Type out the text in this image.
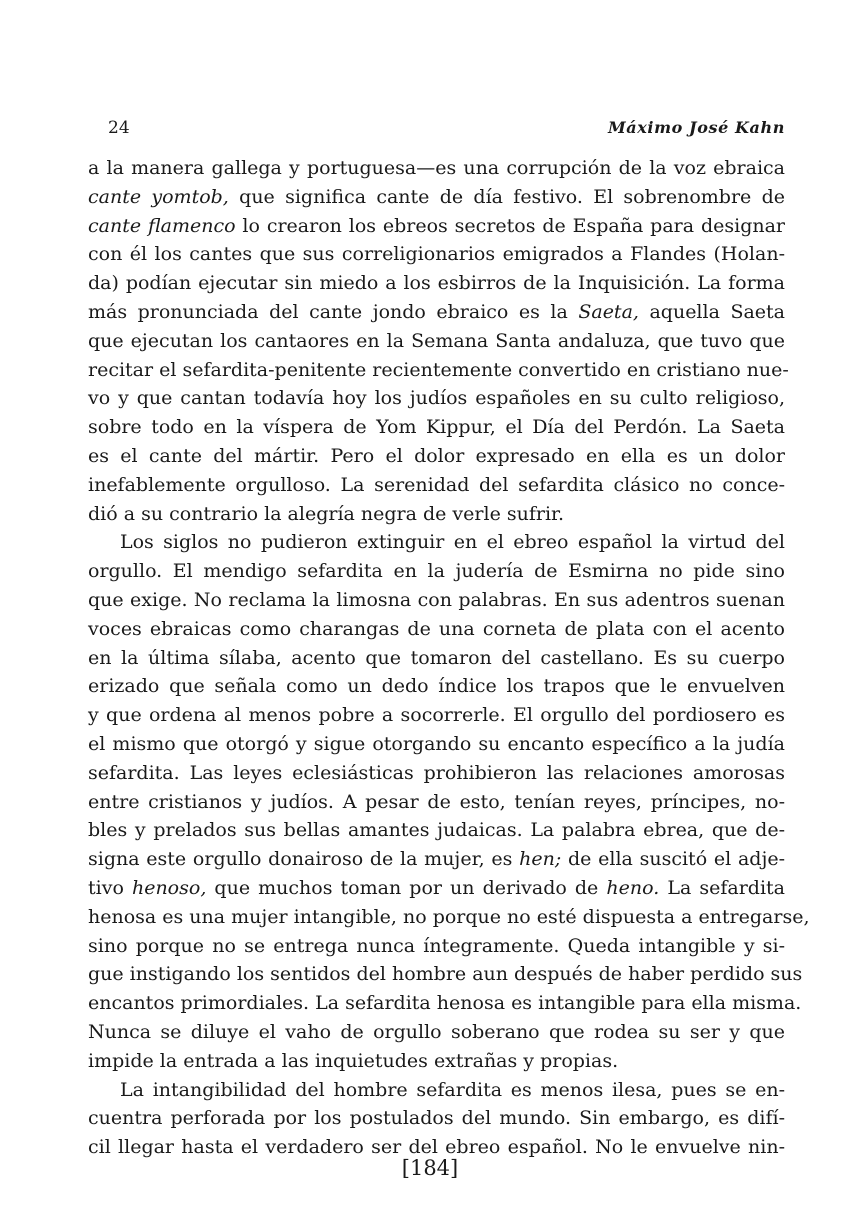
24	Máximo José Kahn
a la manera gallega y portuguesa—es una corrupción de la voz ebraica
cante yomtob, que significa cante de día festivo. El sobrenombre de
cante flamenco lo crearon los ebreos secretos de España para designar
con él los cantes que sus correligionarios emigrados a Flandes (Holan-
da) podían ejecutar sin miedo a los esbirros de la Inquisición. La forma
más pronunciada del cante jondo ebraico es la Saeta, aquella Saeta
que ejecutan los cantaores en la Semana Santa andaluza, que tuvo que
recitar el sefardita-penitente recientemente convertido en cristiano nue-
vo y que cantan todavía hoy los judíos españoles en su culto religioso,
sobre todo en la víspera de Yom Kippur, el Día del Perdón. La Saeta
es el cante del mártir. Pero el dolor expresado en ella es un dolor
inefablemente orgulloso. La serenidad del sefardita clásico no conce-
dió a su contrario la alegría negra de verle sufrir.
Los siglos no pudieron extinguir en el ebreo español la virtud del
orgullo. El mendigo sefardita en la judería de Esmirna no pide sino
que exige. No reclama la limosna con palabras. En sus adentros suenan
voces ebraicas como charangas de una corneta de plata con el acento
en la última sílaba, acento que tomaron del castellano. Es su cuerpo
erizado que señala como un dedo índice los trapos que le envuelven
y que ordena al menos pobre a socorrerle. El orgullo del pordiosero es
el mismo que otorgó y sigue otorgando su encanto específico a la judía
sefardita. Las leyes eclesiásticas prohibieron las relaciones amorosas
entre cristianos y judíos. A pesar de esto, tenían reyes, príncipes, no-
bles y prelados sus bellas amantes judaicas. La palabra ebrea, que de-
signa este orgullo donairoso de la mujer, es hen; de ella suscitó el adje-
tivo henoso, que muchos toman por un derivado de heno. La sefardita
henosa es una mujer intangible, no porque no esté dispuesta a entregarse,
sino porque no se entrega nunca íntegramente. Queda intangible y si-
gue instigando los sentidos del hombre aun después de haber perdido sus
encantos primordiales. La sefardita henosa es intangible para ella misma.
Nunca se diluye el vaho de orgullo soberano que rodea su ser y que
impide la entrada a las inquietudes extrañas y propias.
La intangibilidad del hombre sefardita es menos ilesa, pues se en-
cuentra perforada por los postulados del mundo. Sin embargo, es difí-
cil llegar hasta el verdadero ser del ebreo español. No le envuelve nin-
[184]
